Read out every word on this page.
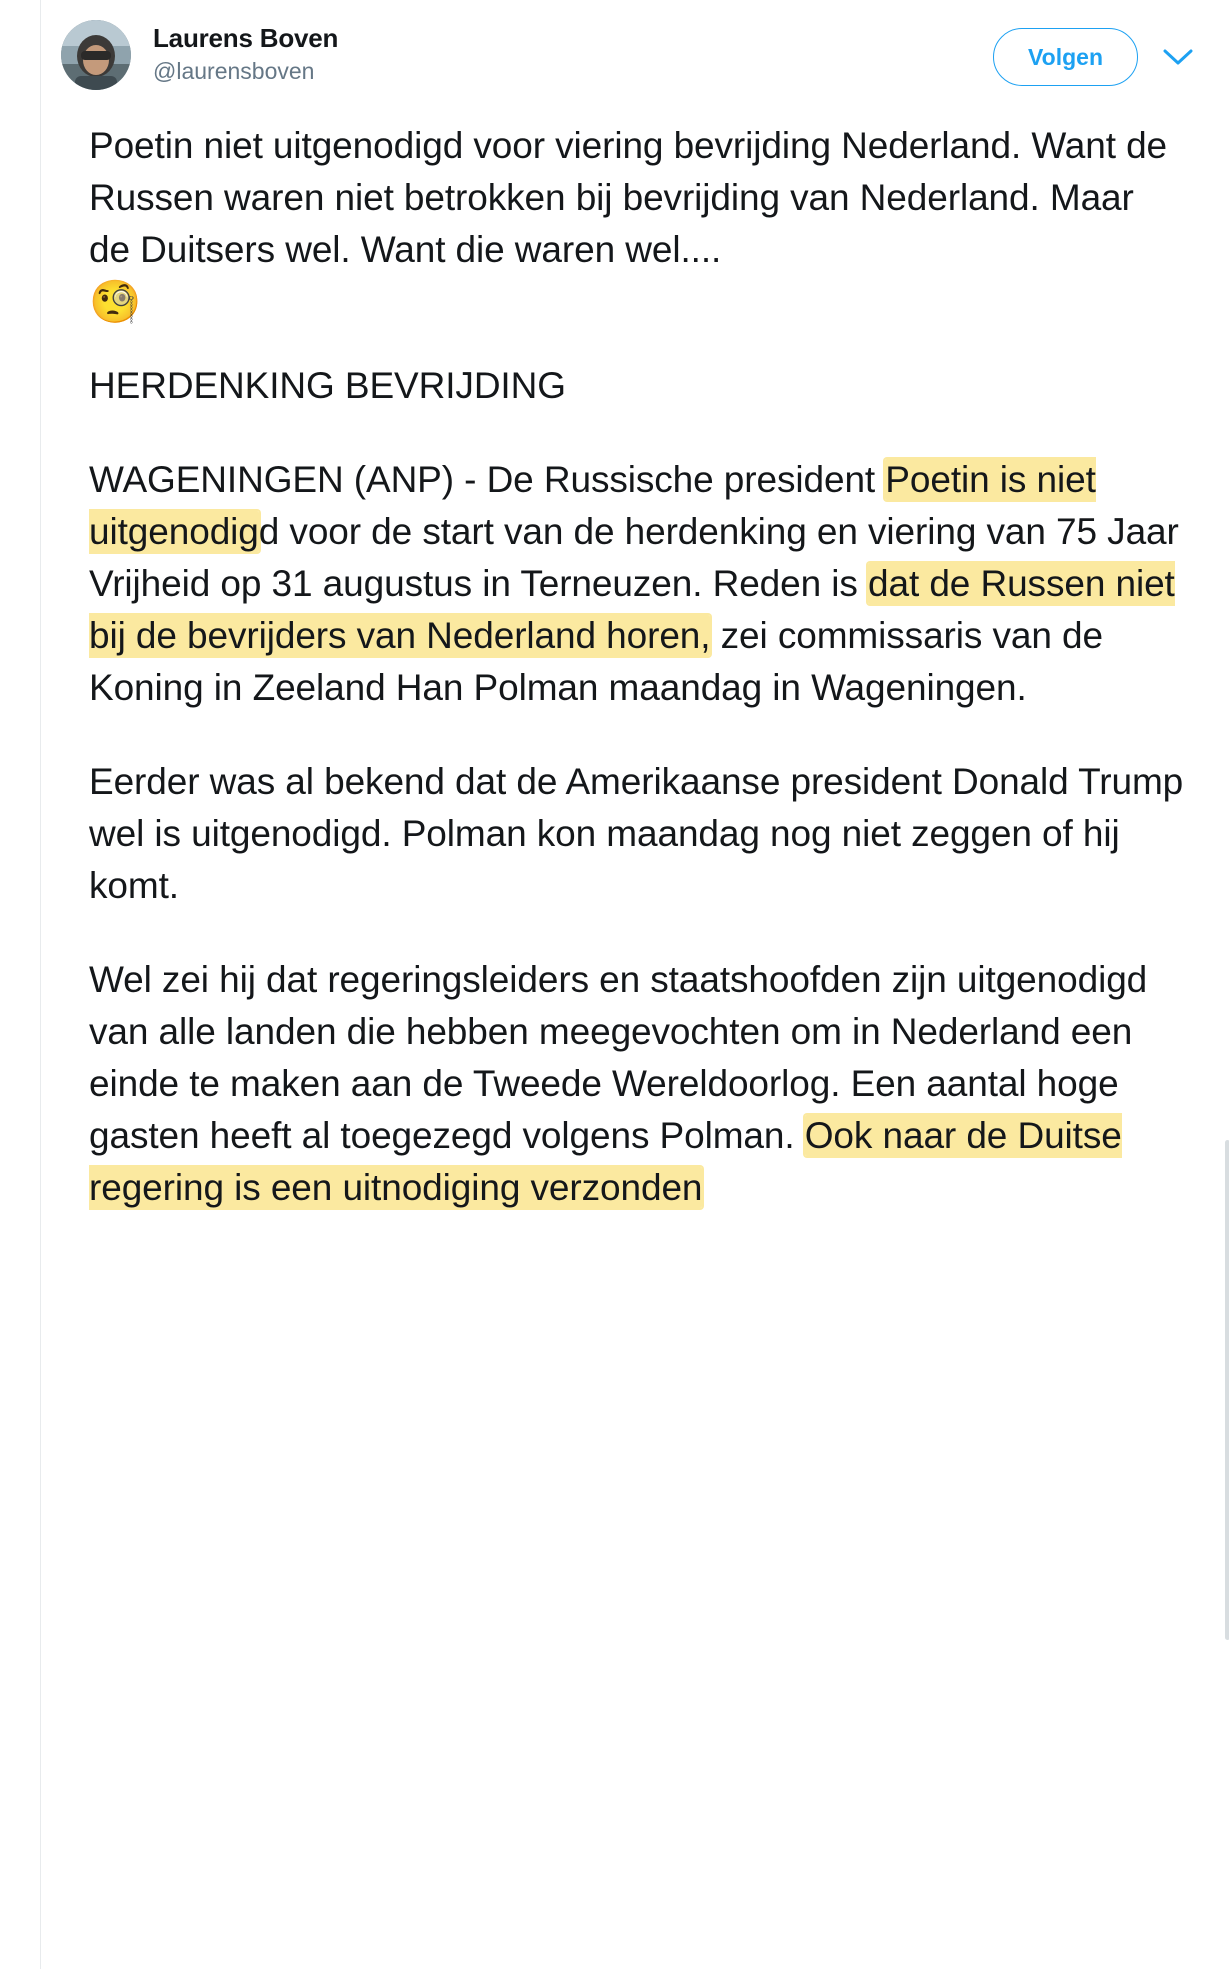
Laurens Boven
@laurensboven
Volgen

Poetin niet uitgenodigd voor viering bevrijding Nederland. Want de Russen waren niet betrokken bij bevrijding van Nederland. Maar de Duitsers wel. Want die waren wel....
🧐

HERDENKING BEVRIJDING

WAGENINGEN (ANP) - De Russische president Poetin is niet uitgenodigd voor de start van de herdenking en viering van 75 Jaar Vrijheid op 31 augustus in Terneuzen. Reden is dat de Russen niet bij de bevrijders van Nederland horen, zei commissaris van de Koning in Zeeland Han Polman maandag in Wageningen.

Eerder was al bekend dat de Amerikaanse president Donald Trump wel is uitgenodigd. Polman kon maandag nog niet zeggen of hij komt.

Wel zei hij dat regeringsleiders en staatshoofden zijn uitgenodigd van alle landen die hebben meegevochten om in Nederland een einde te maken aan de Tweede Wereldoorlog. Een aantal hoge gasten heeft al toegezegd volgens Polman. Ook naar de Duitse regering is een uitnodiging verzonden
